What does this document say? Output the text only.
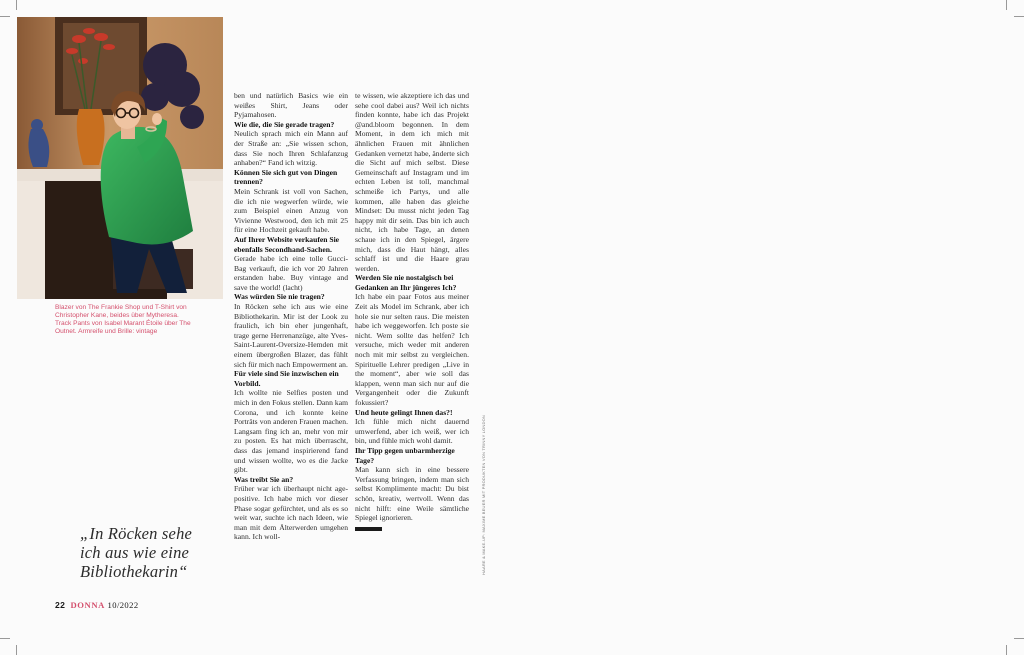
Blazer von The Frankie Shop und T-Shirt von Christopher Kane, beides über Mytheresa. Track Pants von Isabel Marant Étoile über The Outnet. Armreife und Brille: vintage
„In Röcken sehe ich aus wie eine Bibliothekarin“

ben und natürlich Basics wie ein weißes Shirt, Jeans oder Pyjamahosen.

Wie die, die Sie gerade tragen?

Neulich sprach mich ein Mann auf der Straße an: „Sie wissen schon, dass Sie noch Ihren Schlafanzug anhaben?“ Fand ich witzig.

Können Sie sich gut von Dingen trennen?

Mein Schrank ist voll von Sachen, die ich nie wegwerfen würde, wie zum Beispiel einen Anzug von Vivienne Westwood, den ich mit 25 für eine Hochzeit gekauft habe.

Auf Ihrer Website verkaufen Sie ebenfalls Secondhand-Sachen.

Gerade habe ich eine tolle Gucci-Bag verkauft, die ich vor 20 Jahren erstanden habe. Buy vintage and save the world! (lacht)

Was würden Sie nie tragen?

In Röcken sehe ich aus wie eine Bibliothekarin. Mir ist der Look zu fraulich, ich bin eher jungenhaft, trage gerne Herrenanzüge, alte Yves-Saint-Laurent-Oversize-Hemden mit einem übergroßen Blazer, das fühlt sich für mich nach Empowerment an.

Für viele sind Sie inzwischen ein Vorbild.

Ich wollte nie Selfies posten und mich in den Fokus stellen. Dann kam Corona, und ich konnte keine Porträts von anderen Frauen machen. Langsam fing ich an, mehr von mir zu posten. Es hat mich überrascht, dass das jemand inspirierend fand und wissen wollte, wo es die Jacke gibt.

Was treibt Sie an?

Früher war ich überhaupt nicht age-positive. Ich habe mich vor dieser Phase sogar gefürchtet, und als es so weit war, suchte ich nach Ideen, wie man mit dem Älterwerden umgehen kann. Ich woll-

te wissen, wie akzeptiere ich das und sehe cool dabei aus? Weil ich nichts finden konnte, habe ich das Projekt @and.bloom begonnen. In dem Moment, in dem ich mich mit ähnlichen Frauen mit ähnlichen Gedanken vernetzt habe, änderte sich die Sicht auf mich selbst. Diese Gemeinschaft auf Instagram und im echten Leben ist toll, manchmal schmeiße ich Partys, und alle kommen, alle haben das gleiche Mindset: Du musst nicht jeden Tag happy mit dir sein. Das bin ich auch nicht, ich habe Tage, an denen schaue ich in den Spiegel, ärgere mich, dass die Haut hängt, alles schlaff ist und die Haare grau werden.

Werden Sie nie nostalgisch bei Gedanken an Ihr jüngeres Ich?

Ich habe ein paar Fotos aus meiner Zeit als Model im Schrank, aber ich hole sie nur selten raus. Die meisten habe ich weggeworfen. Ich poste sie nicht. Wem sollte das helfen? Ich versuche, mich weder mit anderen noch mit mir selbst zu vergleichen. Spirituelle Lehrer predigen „Live in the moment“, aber wie soll das klappen, wenn man sich nur auf die Vergangenheit oder die Zukunft fokussiert?

Und heute gelingt Ihnen das?!

Ich fühle mich nicht dauernd umwerfend, aber ich weiß, wer ich bin, und fühle mich wohl damit.

Ihr Tipp gegen unbarmherzige Tage?

Man kann sich in eine bessere Verfassung bringen, indem man sich selbst Komplimente macht: Du bist schön, kreativ, wertvoll. Wenn das nicht hilft: eine Weile sämtliche Spiegel ignorieren.	HAARE & MAKE-UP: MAXIME BEUER MIT PRODUKTEN VON TRINNY LONDON
22 DONNA 10/2022
